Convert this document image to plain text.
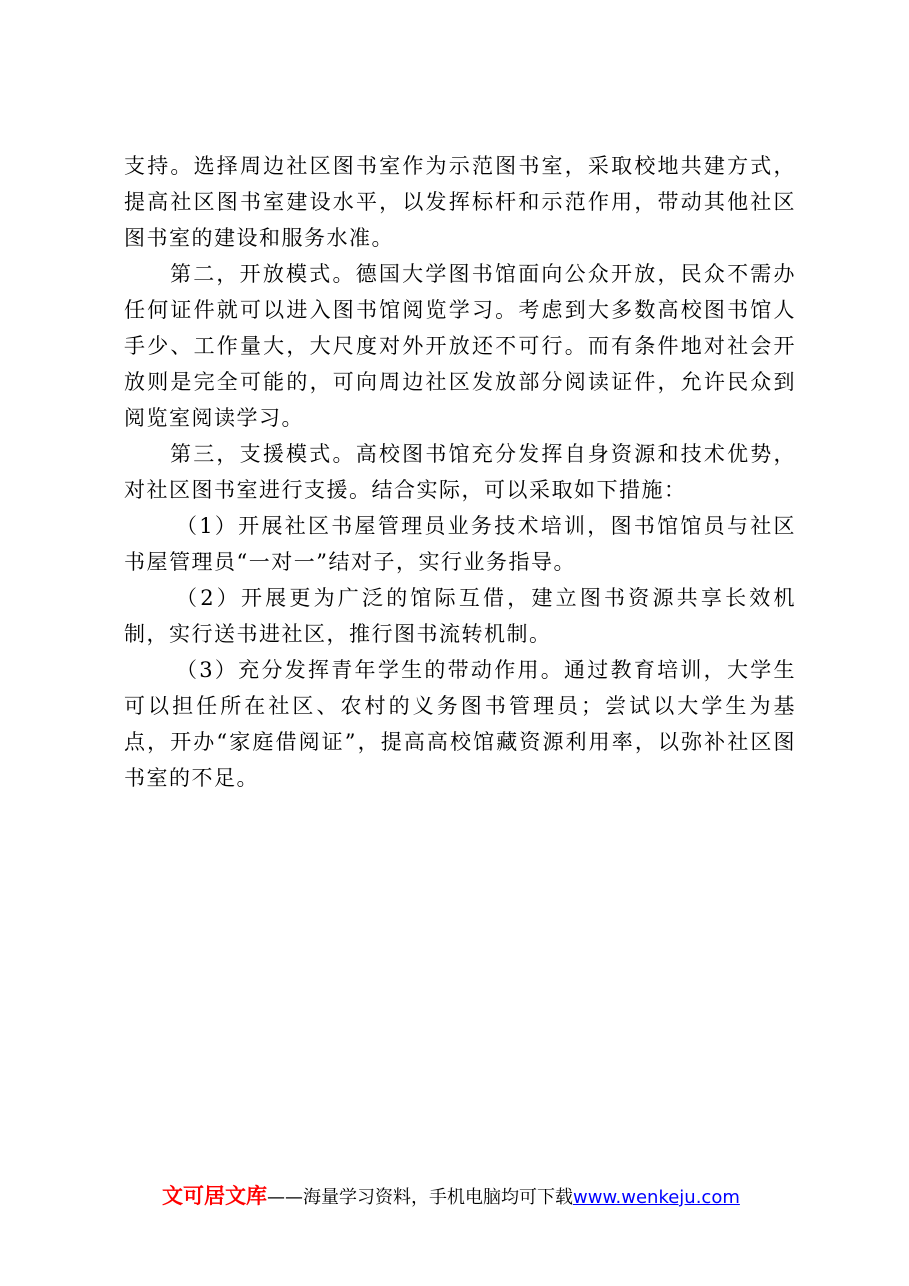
支持。选择周边社区图书室作为示范图书室，采取校地共建方式，提高社区图书室建设水平，以发挥标杆和示范作用，带动其他社区图书室的建设和服务水准。

第二，开放模式。德国大学图书馆面向公众开放，民众不需办任何证件就可以进入图书馆阅览学习。考虑到大多数高校图书馆人手少、工作量大，大尺度对外开放还不可行。而有条件地对社会开放则是完全可能的，可向周边社区发放部分阅读证件，允许民众到阅览室阅读学习。

第三，支援模式。高校图书馆充分发挥自身资源和技术优势，对社区图书室进行支援。结合实际，可以采取如下措施：

（1）开展社区书屋管理员业务技术培训，图书馆馆员与社区书屋管理员“一对一”结对子，实行业务指导。

（2）开展更为广泛的馆际互借，建立图书资源共享长效机制，实行送书进社区，推行图书流转机制。

（3）充分发挥青年学生的带动作用。通过教育培训，大学生可以担任所在社区、农村的义务图书管理员；尝试以大学生为基点，开办“家庭借阅证”，提高高校馆藏资源利用率，以弥补社区图书室的不足。

文可居文库——海量学习资料，手机电脑均可下载www.wenkeju.com
